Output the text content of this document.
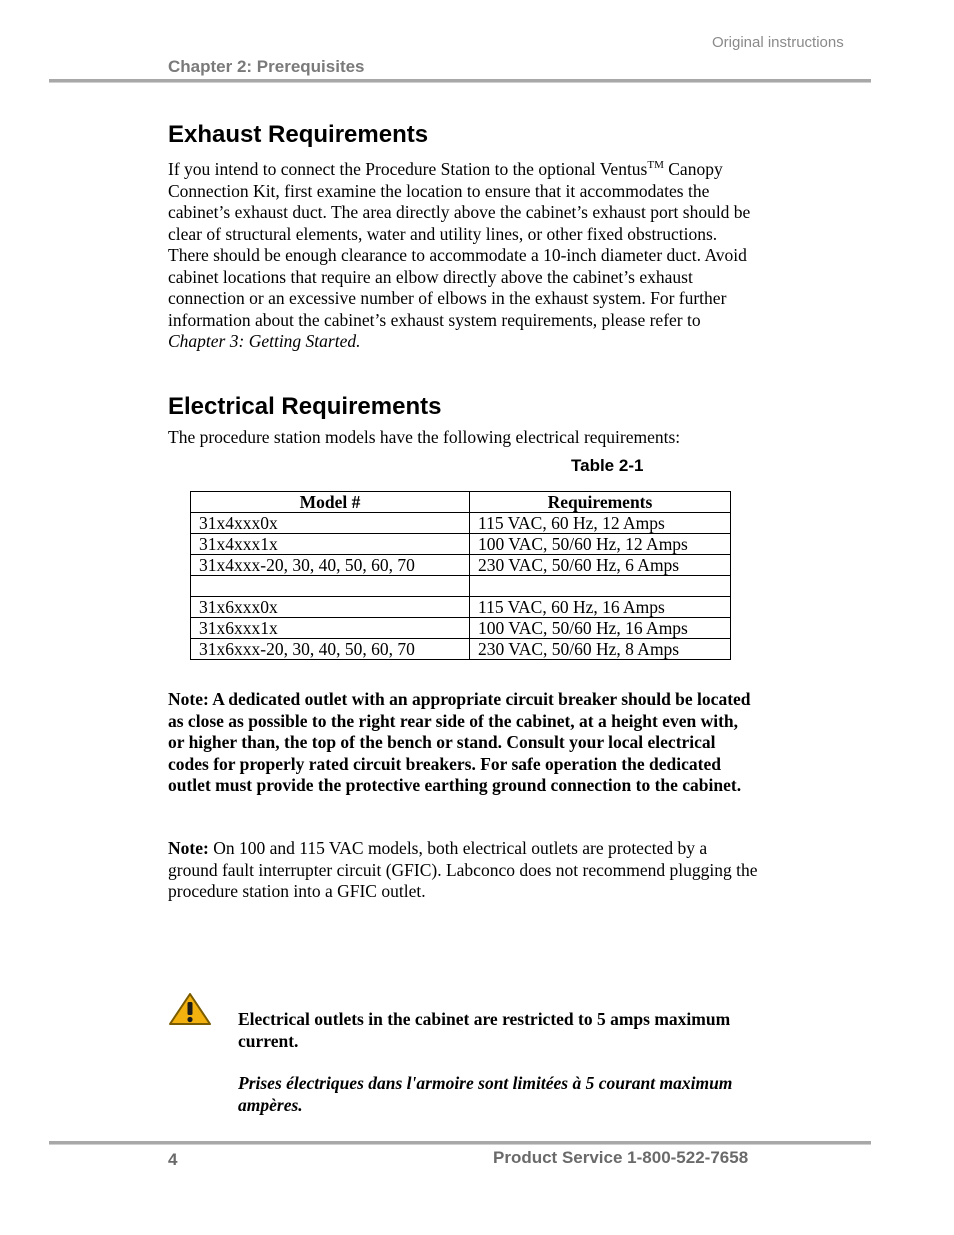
Original instructions
Chapter 2: Prerequisites
Exhaust Requirements
If you intend to connect the Procedure Station to the optional Ventus™ Canopy Connection Kit, first examine the location to ensure that it accommodates the cabinet’s exhaust duct. The area directly above the cabinet’s exhaust port should be clear of structural elements, water and utility lines, or other fixed obstructions. There should be enough clearance to accommodate a 10-inch diameter duct. Avoid cabinet locations that require an elbow directly above the cabinet’s exhaust connection or an excessive number of elbows in the exhaust system. For further information about the cabinet’s exhaust system requirements, please refer to Chapter 3: Getting Started.
Electrical Requirements
The procedure station models have the following electrical requirements:
Table 2-1
Model #	Requirements
31x4xxx0x	115 VAC, 60 Hz, 12 Amps
31x4xxx1x	100 VAC, 50/60 Hz, 12 Amps
31x4xxx-20, 30, 40, 50, 60, 70	230 VAC, 50/60 Hz, 6 Amps

31x6xxx0x	115 VAC, 60 Hz, 16 Amps
31x6xxx1x	100 VAC, 50/60 Hz, 16 Amps
31x6xxx-20, 30, 40, 50, 60, 70	230 VAC, 50/60 Hz, 8 Amps
Note: A dedicated outlet with an appropriate circuit breaker should be located as close as possible to the right rear side of the cabinet, at a height even with, or higher than, the top of the bench or stand. Consult your local electrical codes for properly rated circuit breakers. For safe operation the dedicated outlet must provide the protective earthing ground connection to the cabinet.
Note: On 100 and 115 VAC models, both electrical outlets are protected by a ground fault interrupter circuit (GFIC). Labconco does not recommend plugging the procedure station into a GFIC outlet.
Electrical outlets in the cabinet are restricted to 5 amps maximum current.
Prises électriques dans l'armoire sont limitées à 5 courant maximum ampères.
4	Product Service 1-800-522-7658
